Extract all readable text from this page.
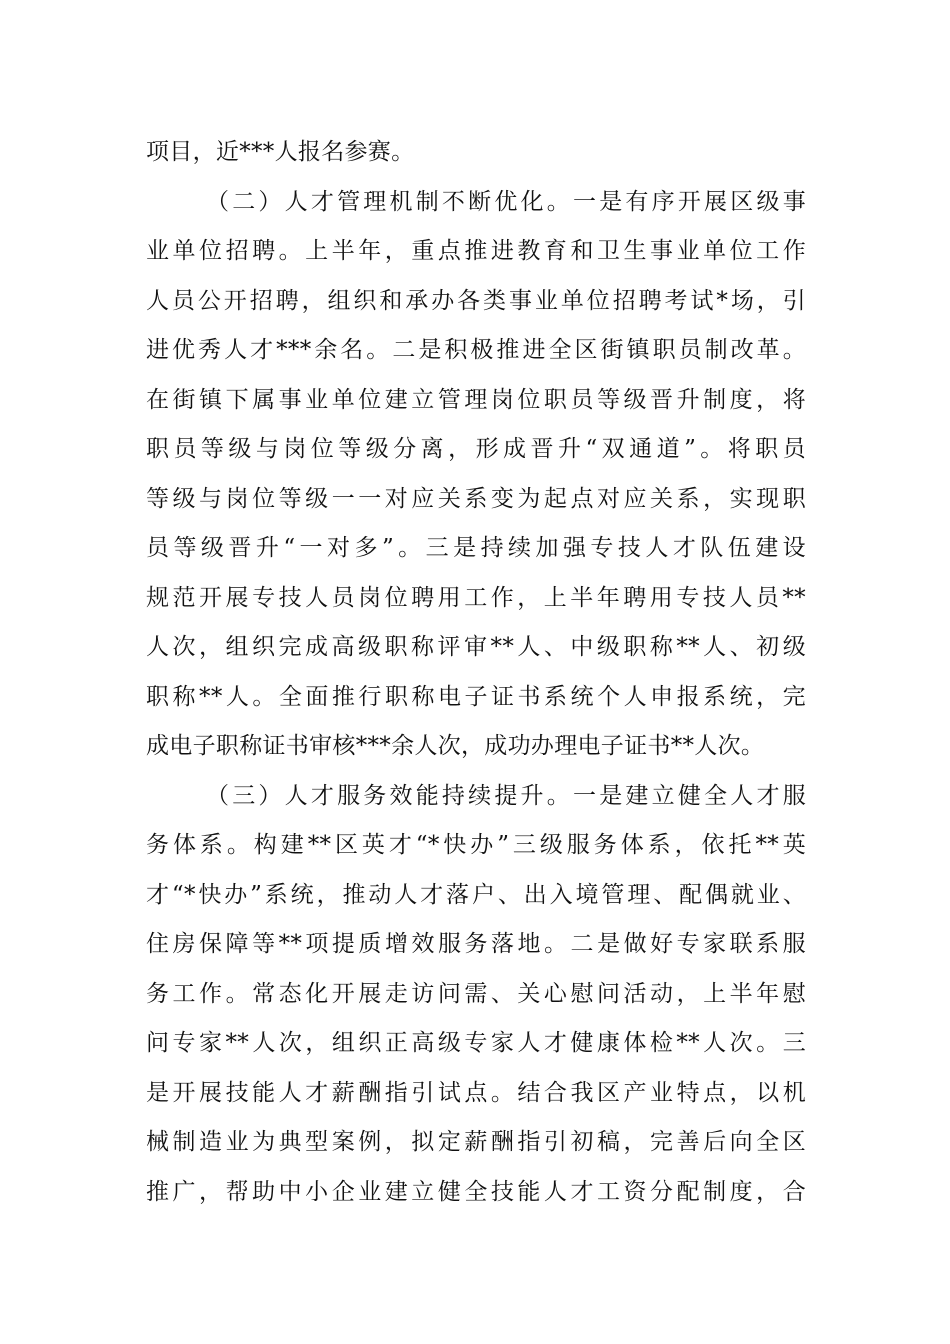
项目，近***人报名参赛。
（二）人才管理机制不断优化。一是有序开展区级事
业单位招聘。上半年，重点推进教育和卫生事业单位工作
人员公开招聘，组织和承办各类事业单位招聘考试*场，引
进优秀人才***余名。二是积极推进全区街镇职员制改革。
在街镇下属事业单位建立管理岗位职员等级晋升制度，将
职员等级与岗位等级分离，形成晋升“双通道”。将职员
等级与岗位等级一一对应关系变为起点对应关系，实现职
员等级晋升“一对多”。三是持续加强专技人才队伍建设
规范开展专技人员岗位聘用工作，上半年聘用专技人员**
人次，组织完成高级职称评审**人、中级职称**人、初级
职称**人。全面推行职称电子证书系统个人申报系统，完
成电子职称证书审核***余人次，成功办理电子证书**人次。
（三）人才服务效能持续提升。一是建立健全人才服
务体系。构建**区英才“*快办”三级服务体系，依托**英
才“*快办”系统，推动人才落户、出入境管理、配偶就业、
住房保障等**项提质增效服务落地。二是做好专家联系服
务工作。常态化开展走访问需、关心慰问活动，上半年慰
问专家**人次，组织正高级专家人才健康体检**人次。三
是开展技能人才薪酬指引试点。结合我区产业特点，以机
械制造业为典型案例，拟定薪酬指引初稿，完善后向全区
推广，帮助中小企业建立健全技能人才工资分配制度，合
